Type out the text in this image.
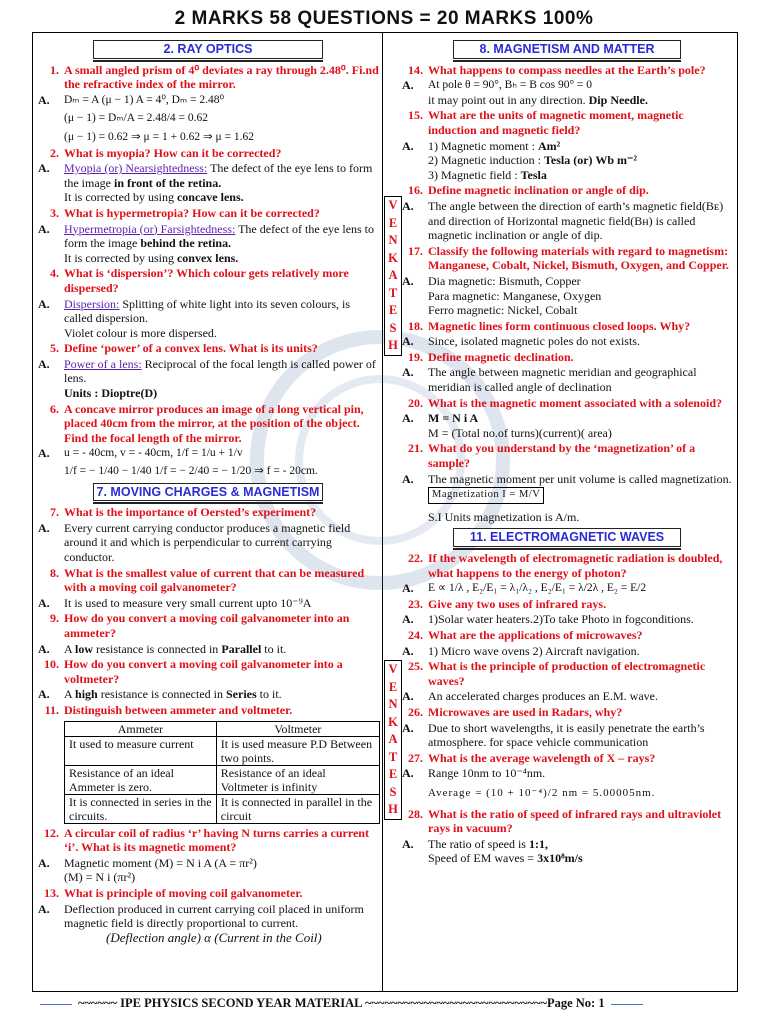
2 MARKS 58 QUESTIONS = 20 MARKS 100%
2. RAY OPTICS
1. A small angled prism of 4⁰ deviates a ray through 2.48⁰. Fi.nd the refractive index of the mirror.
A.	Dₘ = A (μ − 1) A = 4⁰, Dₘ = 2.48⁰
(μ − 1) = Dₘ/A = 2.48/4 = 0.62
(μ − 1) = 0.62 ⇒ μ = 1 + 0.62 ⇒ μ = 1.62
2. What is myopia? How can it be corrected?
A.	Myopia (or) Nearsightedness: The defect of the eye lens to form the image in front of the retina.
It is corrected by using concave lens.
3. What is hypermetropia? How can it be corrected?
A.	Hypermetropia (or) Farsightedness: The defect of the eye lens to form the image behind the retina.
It is corrected by using convex lens.
4. What is ‘dispersion’? Which colour gets relatively more dispersed?
A.	Dispersion: Splitting of white light into its seven colours, is called dispersion.
Violet colour is more dispersed.
5. Define ‘power’ of a convex lens. What is its units?
A.	Power of a lens: Reciprocal of the focal length is called power of lens.
Units : Dioptre(D)
6. A concave mirror produces an image of a long vertical pin, placed 40cm from the mirror, at the position of the object. Find the focal length of the mirror.
A.	u = - 40cm, v = - 40cm, 1/f = 1/u + 1/v
1/f = − 1/40 − 1/40 1/f = − 2/40 = − 1/20 ⇒ f = - 20cm.
7. MOVING CHARGES & MAGNETISM
7. What is the importance of Oersted’s experiment?
A.	Every current carrying conductor produces a magnetic field around it and which is perpendicular to current carrying conductor.
8. What is the smallest value of current that can be measured with a moving coil galvanometer?
A.	It is used to measure very small current upto 10⁻⁹A
9. How do you convert a moving coil galvanometer into an ammeter?
A.	A low resistance is connected in Parallel to it.
10. How do you convert a moving coil galvanometer into a voltmeter?
A.	A high resistance is connected in Series to it.
11. Distinguish between ammeter and voltmeter.
Ammeter	Voltmeter
It used to measure current	It is used measure P.D Between two points.
Resistance of an ideal Ammeter is zero.	Resistance of an ideal Voltmeter is infinity
It is connected in series in the circuits.	It is connected in parallel in the circuit
12. A circular coil of radius ‘r’ having N turns carries a current ‘i’. What is its magnetic moment?
A.	Magnetic moment (M) = N i A (A = πr²)
(M) = N i (πr²)
13. What is principle of moving coil galvanometer.
A.	Deflection produced in current carrying coil placed in uniform magnetic field is directly proportional to current.
(Deflection angle) α (Current in the Coil)
V
E
N
K
A
T
E
S
H
V
E
N
K
A
T
E
S
H
8. MAGNETISM AND MATTER
14. What happens to compass needles at the Earth’s pole?
A.	At pole θ = 90°, Bₕ = B cos 90° = 0
it may point out in any direction. Dip Needle.
15. What are the units of magnetic moment, magnetic induction and magnetic field?
A.	1) Magnetic moment : Am²
2) Magnetic induction : Tesla (or) Wb m⁻²
3) Magnetic field : Tesla
16. Define magnetic inclination or angle of dip.
A.	The angle between the direction of earth’s magnetic field(Bᴇ) and direction of Horizontal magnetic field(Bʜ) is called magnetic inclination or angle of dip.
17. Classify the following materials with regard to magnetism: Manganese, Cobalt, Nickel, Bismuth, Oxygen, and Copper.
A.	Dia magnetic: Bismuth, Copper
Para magnetic: Manganese, Oxygen
Ferro magnetic: Nickel, Cobalt
18. Magnetic lines form continuous closed loops. Why?
A.	Since, isolated magnetic poles do not exists.
19. Define magnetic declination.
A.	The angle between magnetic meridian and geographical meridian is called angle of declination
20. What is the magnetic moment associated with a solenoid?
A.	M = N i A
M = (Total no.of turns)(current)( area)
21. What do you understand by the ‘magnetization’ of a sample?
A.	The magnetic moment per unit volume is called magnetization. Magnetization I = M/V
S.I Units magnetization is A/m.
11. ELECTROMAGNETIC WAVES
22. If the wavelength of electromagnetic radiation is doubled, what happens to the energy of photon?
A.	E ∝ 1/λ , E₂/E₁ = λ₁/λ₂ , E₂/E₁ = λ/2λ , E₂ = E/2
23. Give any two uses of infrared rays.
A.	1)Solar water heaters.2)To take Photo in fogconditions.
24. What are the applications of microwaves?
A.	1) Micro wave ovens 2) Aircraft navigation.
25. What is the principle of production of electromagnetic waves?
A.	An accelerated charges produces an E.M. wave.
26. Microwaves are used in Radars, why?
A.	Due to short wavelengths, it is easily penetrate the earth’s atmosphere. for space vehicle communication
27. What is the average wavelength of X – rays?
A.	Range 10nm to 10⁻⁴nm.
Average = (10 + 10⁻⁴)/2 nm = 5.00005nm.
28. What is the ratio of speed of infrared rays and ultraviolet rays in vacuum?
A.	The ratio of speed is 1:1,
Speed of EM waves = 3x10⁸m/s
~~~~~~ IPE PHYSICS SECOND YEAR MATERIAL ~~~~~~~~~~~~~~~~~~~~~~~~~~~~Page No: 1
